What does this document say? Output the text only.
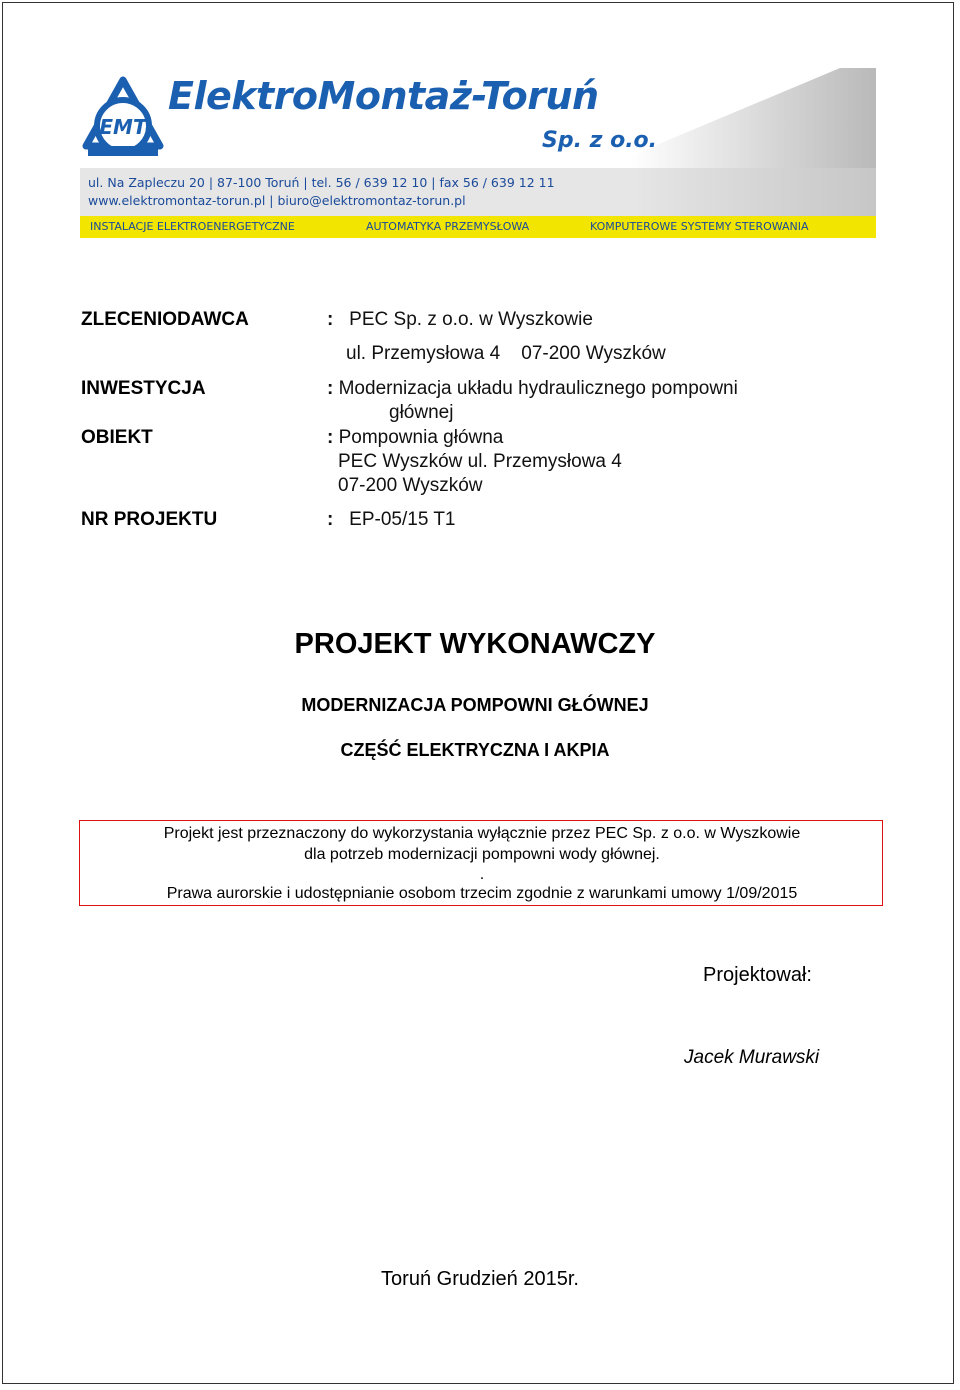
EMT
ElektroMontaż-Toruń
Sp. z o.o.
ul. Na Zapleczu 20 | 87-100 Toruń | tel. 56 / 639 12 10 | fax 56 / 639 12 11
www.elektromontaz-torun.pl | biuro@elektromontaz-torun.pl
INSTALACJE ELEKTROENERGETYCZNE	AUTOMATYKA PRZEMYSŁOWA	KOMPUTEROWE SYSTEMY STEROWANIA
ZLECENIODAWCA	: PEC Sp. z o.o. w Wyszkowie
ul. Przemysłowa 4    07-200 Wyszków
INWESTYCJA	: Modernizacja układu hydraulicznego pompowni
głównej
OBIEKT	: Pompownia główna
PEC Wyszków ul. Przemysłowa 4
07-200 Wyszków
NR PROJEKTU	: EP-05/15 T1
PROJEKT WYKONAWCZY
MODERNIZACJA POMPOWNI GŁÓWNEJ
CZĘŚĆ ELEKTRYCZNA I AKPIA
Projekt jest przeznaczony do wykorzystania wyłącznie przez PEC Sp. z o.o. w Wyszkowie
dla potrzeb modernizacji pompowni wody głównej.
.
Prawa aurorskie i udostępnianie osobom trzecim zgodnie z warunkami umowy 1/09/2015
Projektował:
Jacek Murawski
Toruń Grudzień 2015r.
